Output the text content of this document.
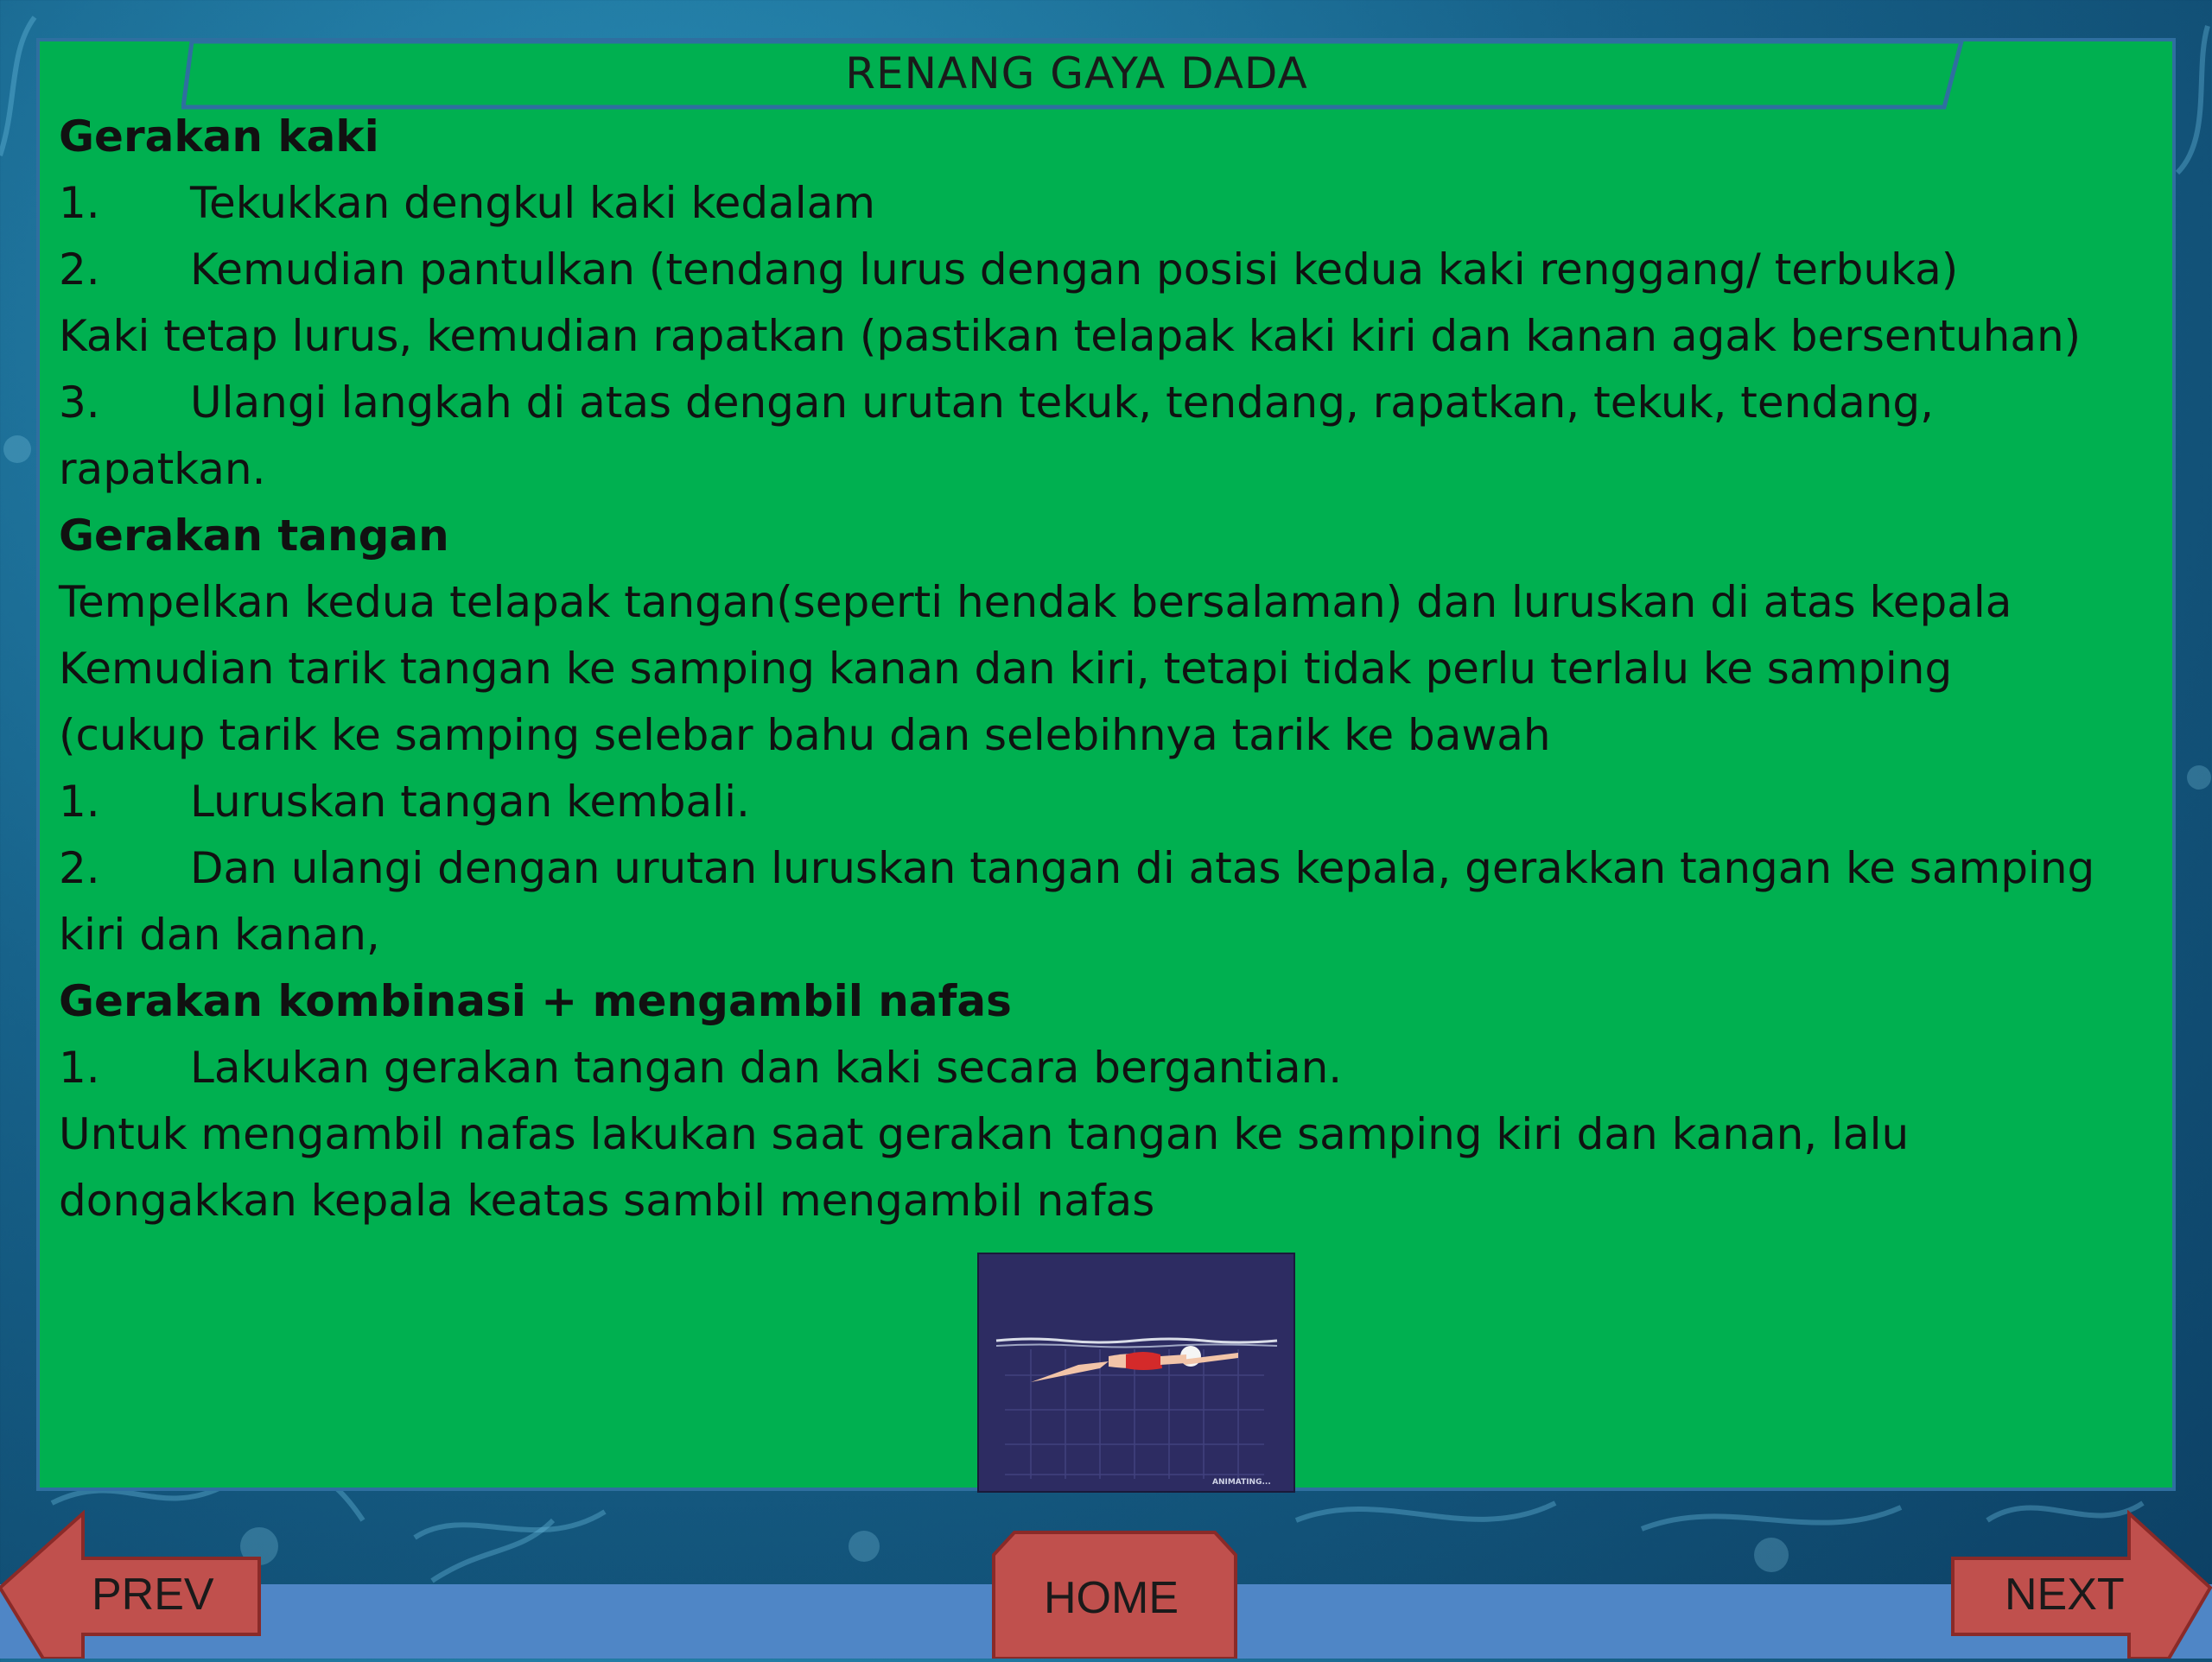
RENANG GAYA DADA
Gerakan kaki
1. Tekukkan dengkul kaki kedalam
2. Kemudian pantulkan (tendang lurus dengan posisi kedua kaki renggang/ terbuka)
Kaki tetap lurus, kemudian rapatkan (pastikan telapak kaki kiri dan kanan agak bersentuhan)
3. Ulangi langkah di atas dengan urutan tekuk, tendang, rapatkan, tekuk, tendang,
rapatkan.
Gerakan tangan
Tempelkan kedua telapak tangan(seperti hendak bersalaman) dan luruskan di atas kepala
Kemudian tarik tangan ke samping kanan dan kiri, tetapi tidak perlu terlalu ke samping
(cukup tarik ke samping selebar bahu dan selebihnya tarik ke bawah
1. Luruskan tangan kembali.
2. Dan ulangi dengan urutan luruskan tangan di atas kepala, gerakkan tangan ke samping
kiri dan kanan,
Gerakan kombinasi + mengambil nafas
1. Lakukan gerakan tangan dan kaki secara bergantian.
Untuk mengambil nafas lakukan saat gerakan tangan ke samping kiri dan kanan, lalu
dongakkan kepala keatas sambil mengambil nafas
ANIMATING...
PREV	HOME	NEXT
